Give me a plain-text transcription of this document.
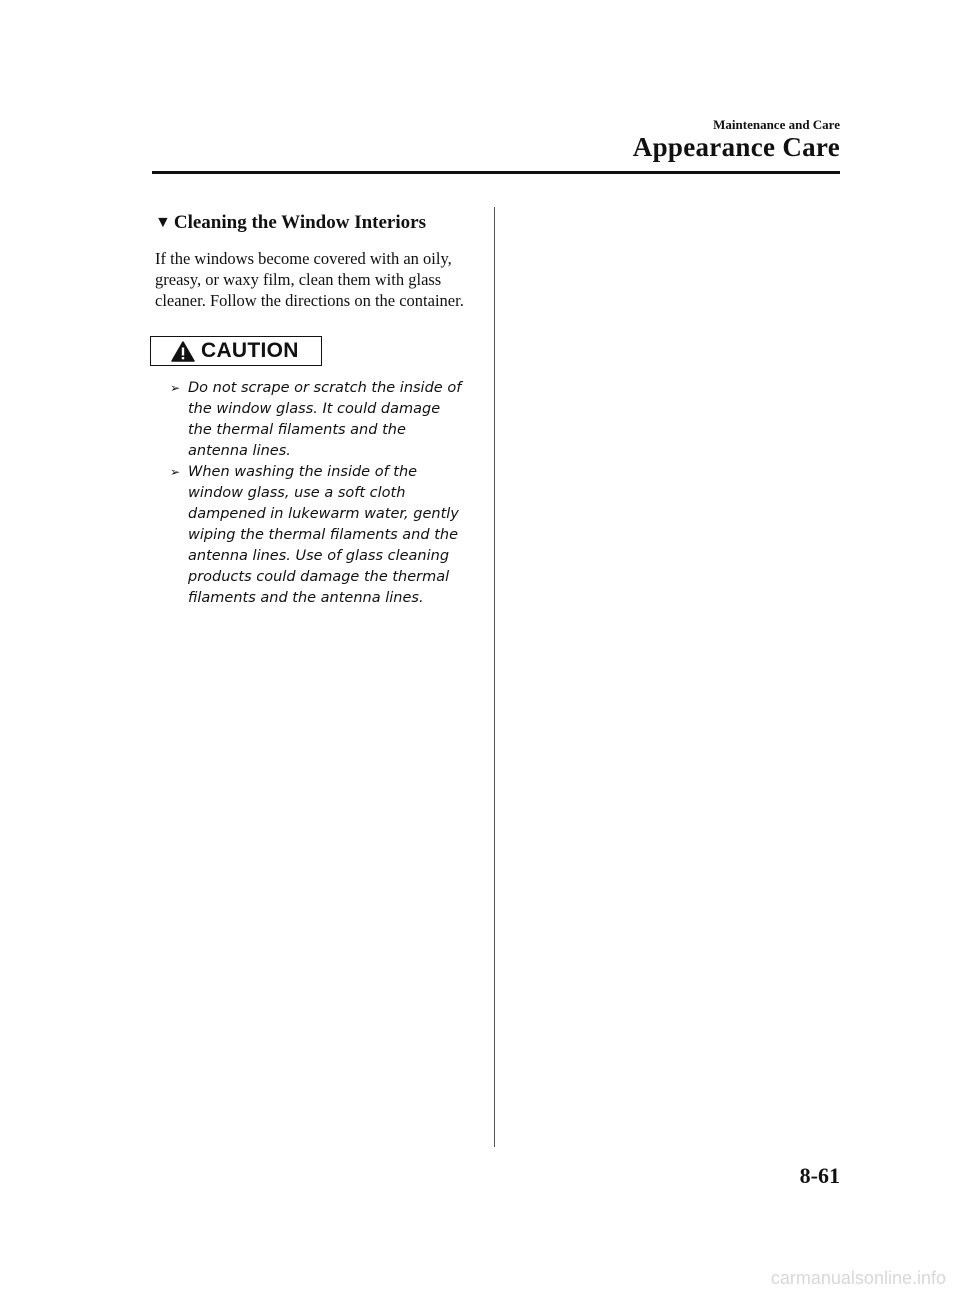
Maintenance and Care
Appearance Care
▼ Cleaning the Window Interiors

If the windows become covered with an oily, greasy, or waxy film, clean them with glass cleaner. Follow the directions on the container.

CAUTION
➢ Do not scrape or scratch the inside of the window glass. It could damage the thermal filaments and the antenna lines.
➢ When washing the inside of the window glass, use a soft cloth dampened in lukewarm water, gently wiping the thermal filaments and the antenna lines. Use of glass cleaning products could damage the thermal filaments and the antenna lines.
8-61
carmanualsonline.info
